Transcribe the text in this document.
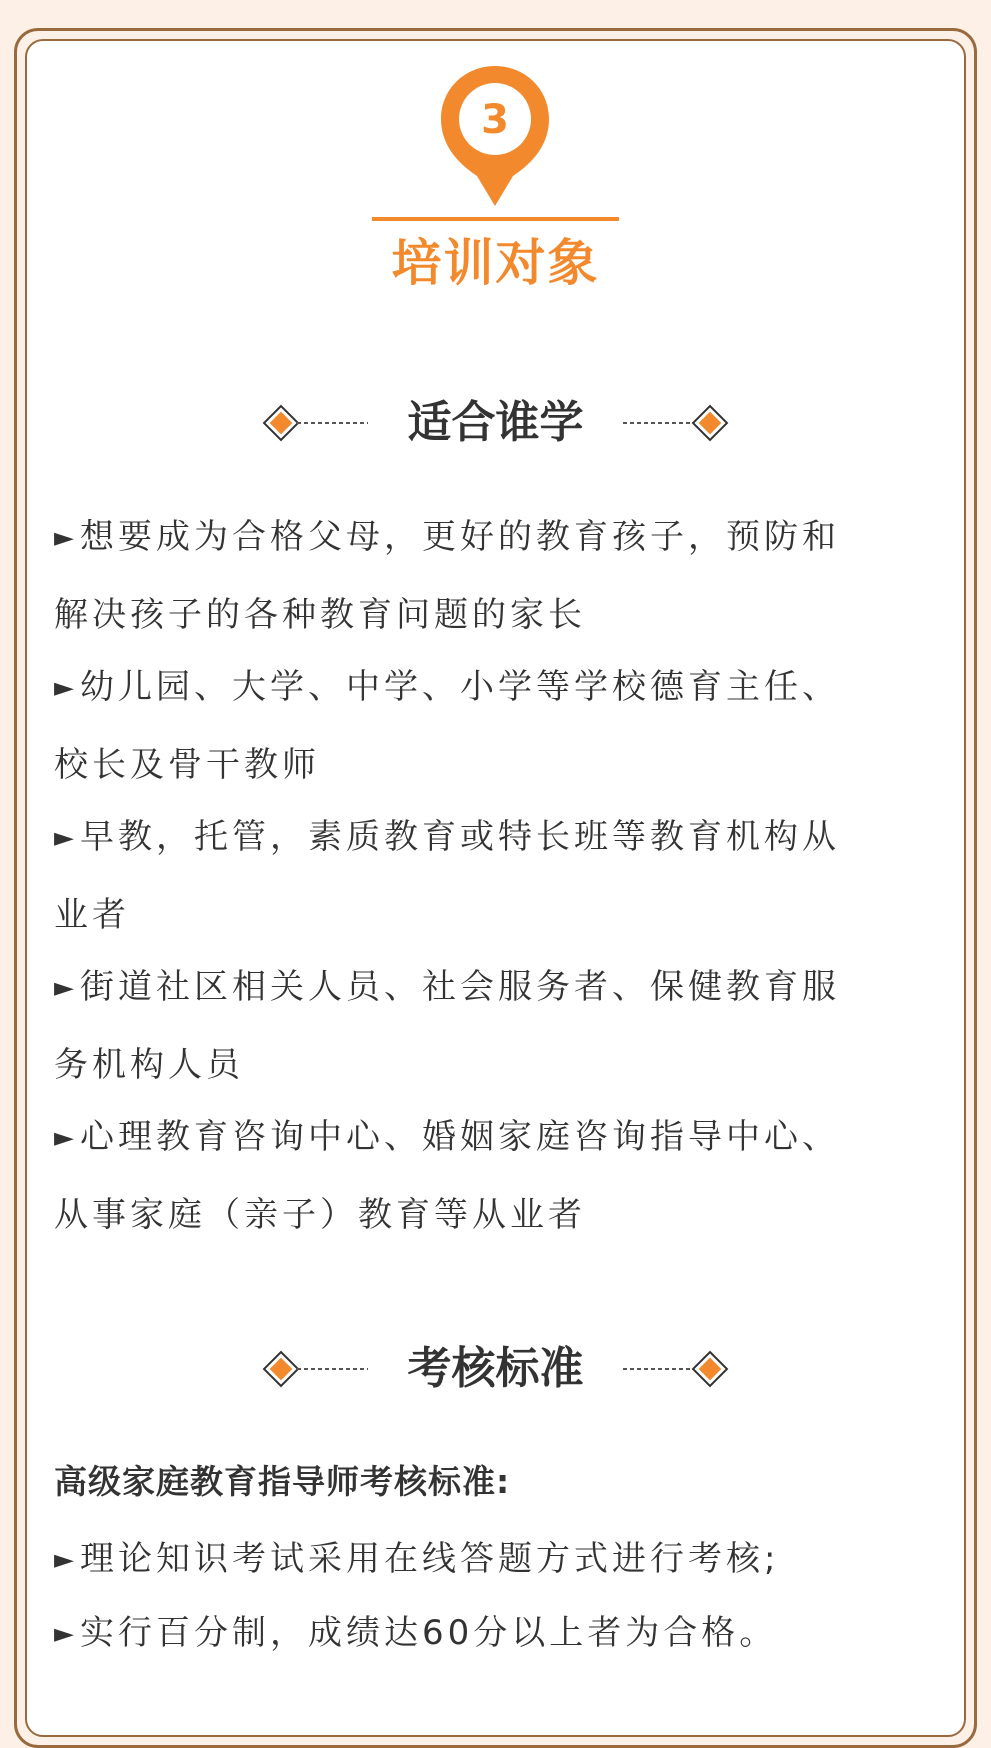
3
培训对象
适合谁学
► 想要成为合格父母，更好的教育孩子，预防和
解决孩子的各种教育问题的家长
► 幼儿园、大学、中学、小学等学校德育主任、
校长及骨干教师
► 早教，托管，素质教育或特长班等教育机构从
业者
► 街道社区相关人员、社会服务者、保健教育服
务机构人员
► 心理教育咨询中心、婚姻家庭咨询指导中心、
从事家庭（亲子）教育等从业者
考核标准
高级家庭教育指导师考核标准:
► 理论知识考试采用在线答题方式进行考核;
► 实行百分制，成绩达60分以上者为合格。
